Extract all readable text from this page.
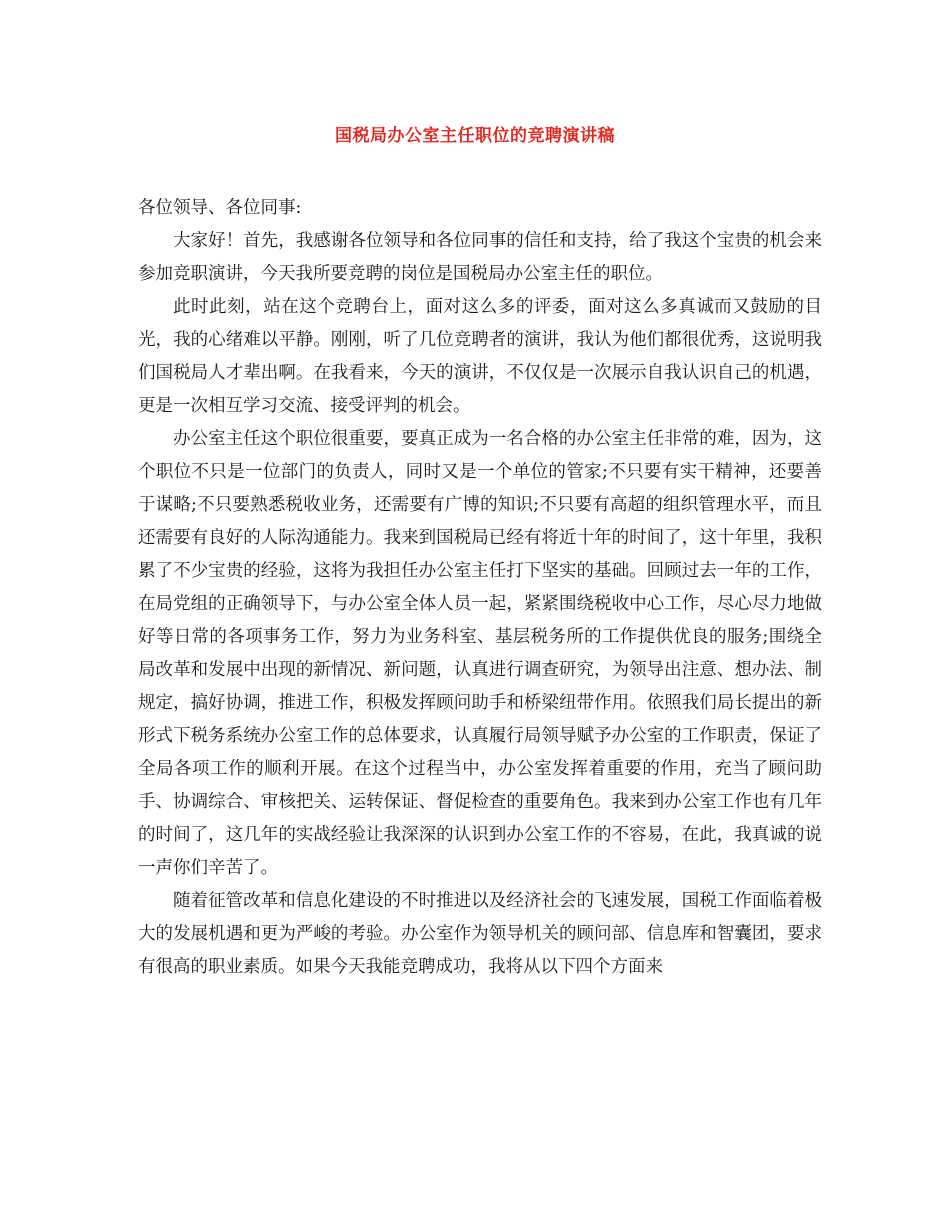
国税局办公室主任职位的竞聘演讲稿

各位领导、各位同事:

大家好！首先，我感谢各位领导和各位同事的信任和支持，给了我这个宝贵的机会来参加竞职演讲，今天我所要竞聘的岗位是国税局办公室主任的职位。

此时此刻，站在这个竞聘台上，面对这么多的评委，面对这么多真诚而又鼓励的目光，我的心绪难以平静。刚刚，听了几位竞聘者的演讲，我认为他们都很优秀，这说明我们国税局人才辈出啊。在我看来，今天的演讲，不仅仅是一次展示自我认识自己的机遇，更是一次相互学习交流、接受评判的机会。

办公室主任这个职位很重要，要真正成为一名合格的办公室主任非常的难，因为，这个职位不只是一位部门的负责人，同时又是一个单位的管家;不只要有实干精神，还要善于谋略;不只要熟悉税收业务，还需要有广博的知识;不只要有高超的组织管理水平，而且还需要有良好的人际沟通能力。我来到国税局已经有将近十年的时间了，这十年里，我积累了不少宝贵的经验，这将为我担任办公室主任打下坚实的基础。回顾过去一年的工作，在局党组的正确领导下，与办公室全体人员一起，紧紧围绕税收中心工作，尽心尽力地做好等日常的各项事务工作，努力为业务科室、基层税务所的工作提供优良的服务;围绕全局改革和发展中出现的新情况、新问题，认真进行调查研究，为领导出注意、想办法、制规定，搞好协调，推进工作，积极发挥顾问助手和桥梁纽带作用。依照我们局长提出的新形式下税务系统办公室工作的总体要求，认真履行局领导赋予办公室的工作职责，保证了全局各项工作的顺利开展。在这个过程当中，办公室发挥着重要的作用，充当了顾问助手、协调综合、审核把关、运转保证、督促检查的重要角色。我来到办公室工作也有几年的时间了，这几年的实战经验让我深深的认识到办公室工作的不容易，在此，我真诚的说一声你们辛苦了。

随着征管改革和信息化建设的不时推进以及经济社会的飞速发展，国税工作面临着极大的发展机遇和更为严峻的考验。办公室作为领导机关的顾问部、信息库和智囊团，要求有很高的职业素质。如果今天我能竞聘成功，我将从以下四个方面来
